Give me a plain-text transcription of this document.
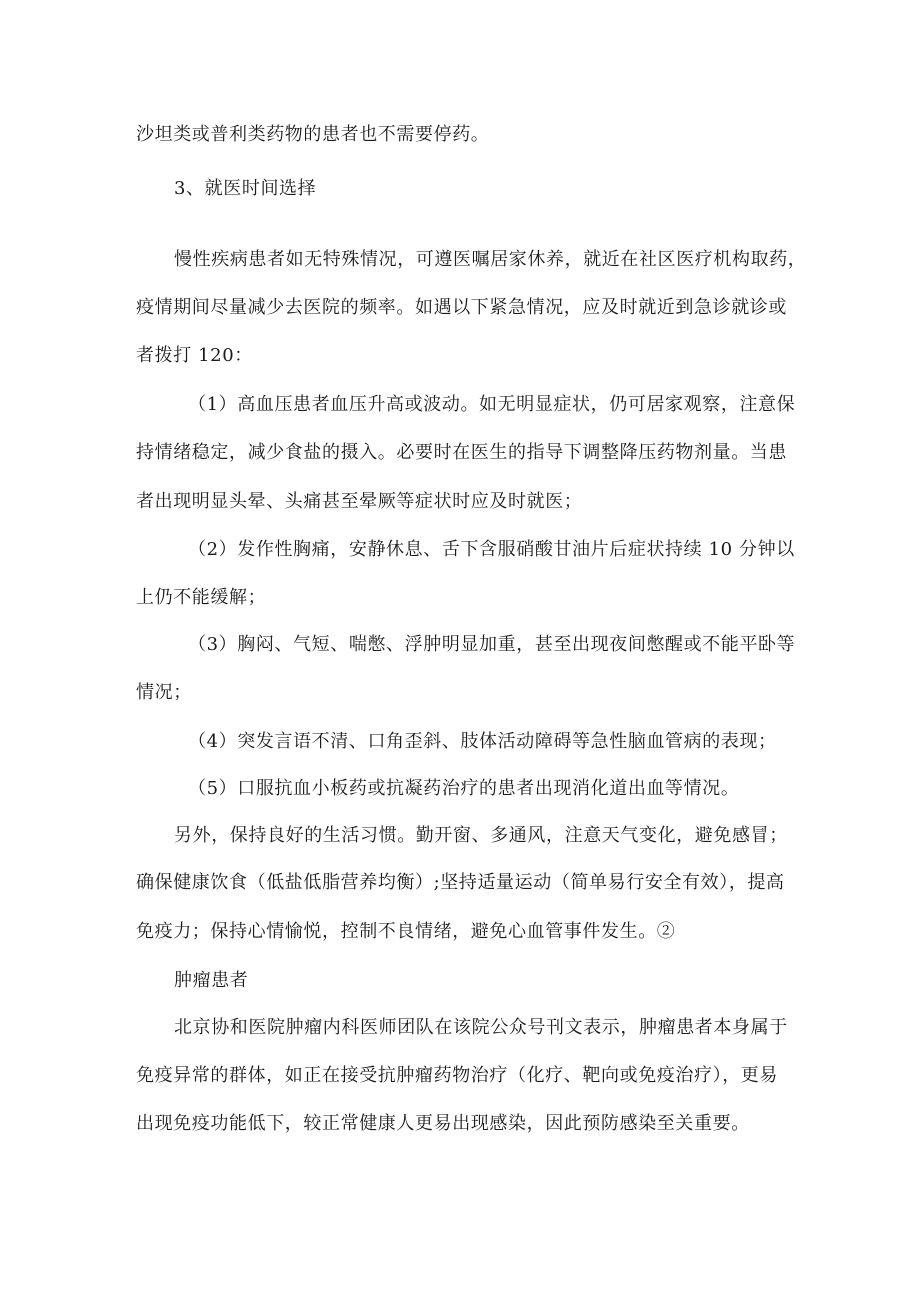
沙坦类或普利类药物的患者也不需要停药。
3、就医时间选择
慢性疾病患者如无特殊情况，可遵医嘱居家休养，就近在社区医疗机构取药，
疫情期间尽量减少去医院的频率。如遇以下紧急情况，应及时就近到急诊就诊或
者拨打 120：
（1）高血压患者血压升高或波动。如无明显症状，仍可居家观察，注意保
持情绪稳定，减少食盐的摄入。必要时在医生的指导下调整降压药物剂量。当患
者出现明显头晕、头痛甚至晕厥等症状时应及时就医；
（2）发作性胸痛，安静休息、舌下含服硝酸甘油片后症状持续 10 分钟以
上仍不能缓解；
（3）胸闷、气短、喘憋、浮肿明显加重，甚至出现夜间憋醒或不能平卧等
情况；
（4）突发言语不清、口角歪斜、肢体活动障碍等急性脑血管病的表现；
（5）口服抗血小板药或抗凝药治疗的患者出现消化道出血等情况。
另外，保持良好的生活习惯。勤开窗、多通风，注意天气变化，避免感冒；
确保健康饮食（低盐低脂营养均衡）;坚持适量运动（简单易行安全有效），提高
免疫力；保持心情愉悦，控制不良情绪，避免心血管事件发生。②
肿瘤患者
北京协和医院肿瘤内科医师团队在该院公众号刊文表示，肿瘤患者本身属于
免疫异常的群体，如正在接受抗肿瘤药物治疗（化疗、靶向或免疫治疗），更易
出现免疫功能低下，较正常健康人更易出现感染，因此预防感染至关重要。
